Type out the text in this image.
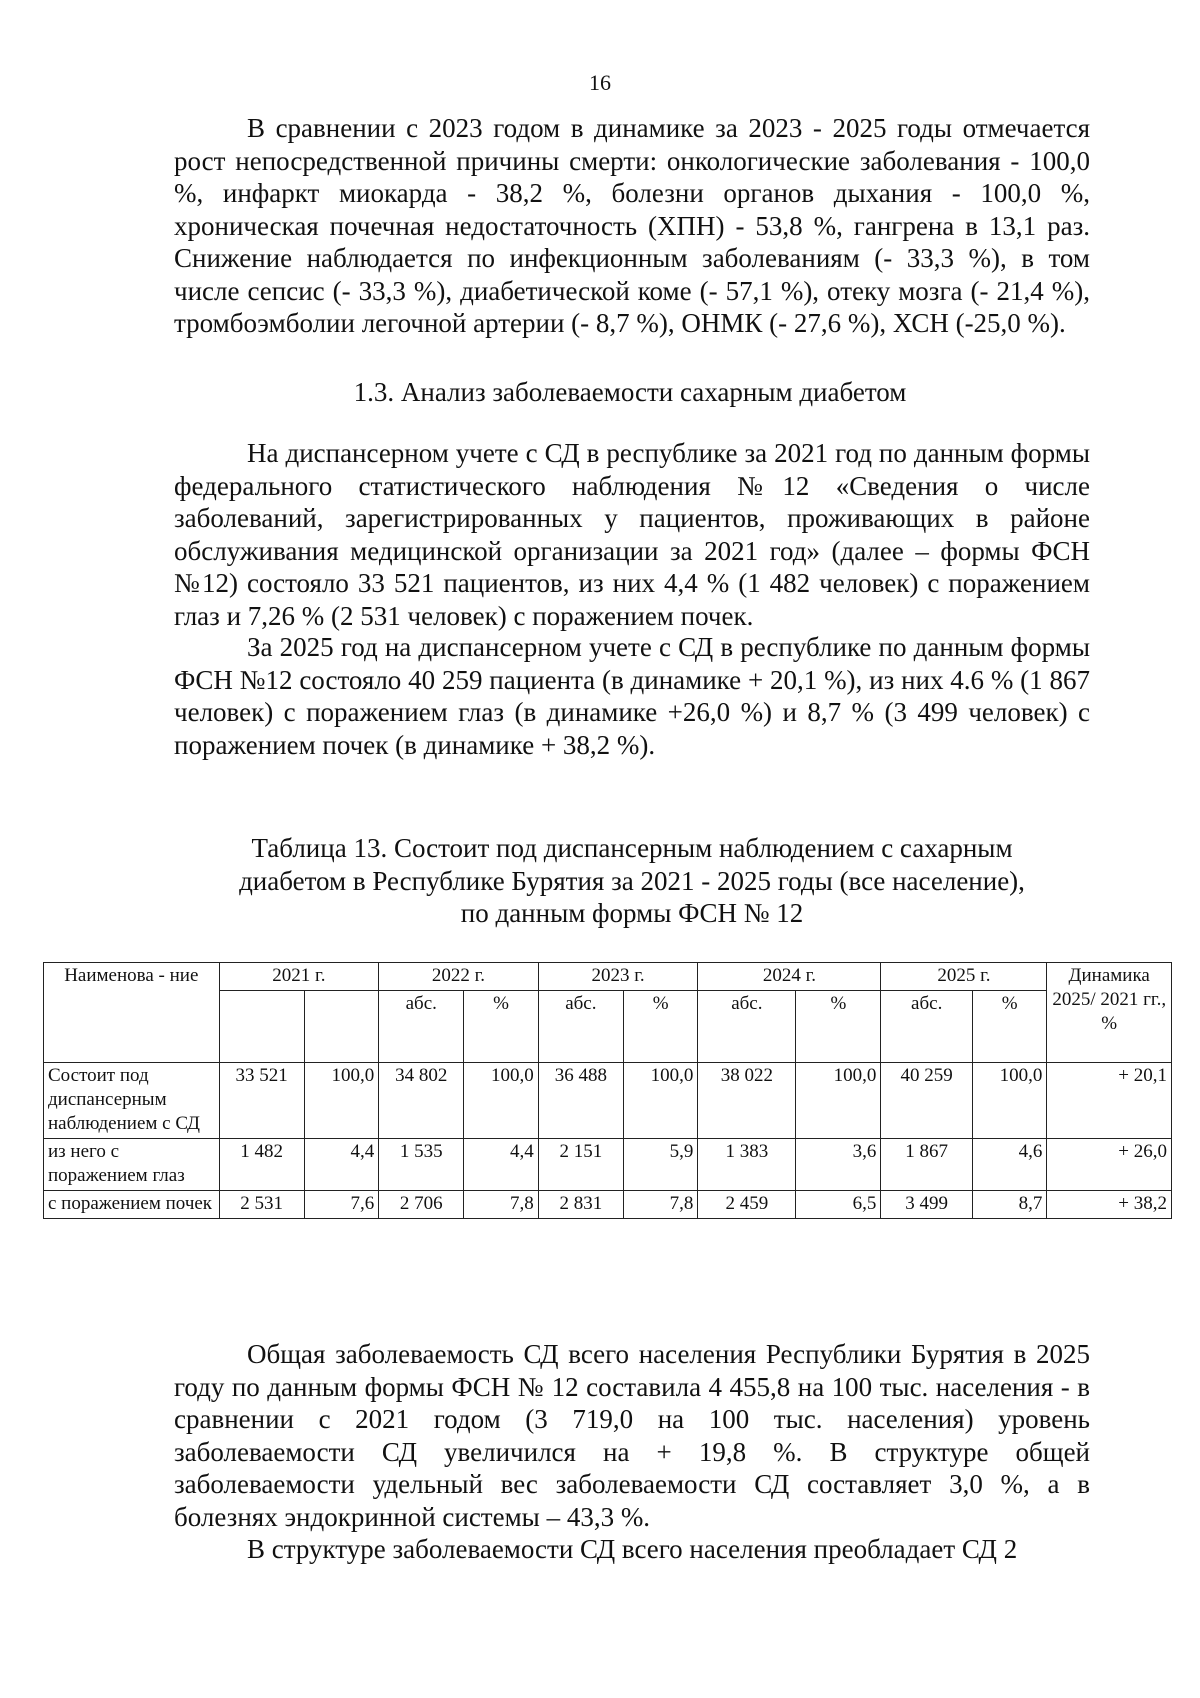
16

В сравнении с 2023 годом в динамике за 2023 - 2025 годы отмечается рост непосредственной причины смерти: онкологические заболевания - 100,0 %, инфаркт миокарда - 38,2 %, болезни органов дыхания - 100,0 %, хроническая почечная недостаточность (ХПН) - 53,8 %, гангрена в 13,1 раз. Снижение наблюдается по инфекционным заболеваниям (- 33,3 %), в том числе сепсис (- 33,3 %), диабетической коме (- 57,1 %), отеку мозга (- 21,4 %), тромбоэмболии легочной артерии (- 8,7 %), ОНМК (- 27,6 %), ХСН (-25,0 %).

1.3. Анализ заболеваемости сахарным диабетом

На диспансерном учете с СД в республике за 2021 год по данным формы федерального статистического наблюдения №12 «Сведения о числе заболеваний, зарегистрированных у пациентов, проживающих в районе обслуживания медицинской организации за 2021 год» (далее – формы ФСН №12) состояло 33 521 пациентов, из них 4,4 % (1 482 человек) с поражением глаз и 7,26 % (2 531 человек) с поражением почек.

За 2025 год на диспансерном учете с СД в республике по данным формы ФСН №12 состояло 40 259 пациента (в динамике + 20,1 %), из них 4.6 % (1 867 человек) с поражением глаз (в динамике +26,0 %) и 8,7 % (3 499 человек) с поражением почек (в динамике + 38,2 %).

Таблица 13. Состоит под диспансерным наблюдением с сахарным
диабетом в Республике Бурятия за 2021 - 2025 годы (все население),
по данным формы ФСН № 12
Наименова - ние	2021 г.		2022 г.		2023 г.		2024 г.		2025 г.		Динамика 2025/ 2021 гг., %
			абс.	%	абс.	%	абс.	%	абс.	%	
Состоит под диспансерным наблюдением с СД	33 521	100,0	34 802	100,0	36 488	100,0	38 022	100,0	40 259	100,0	+ 20,1
из него с поражением глаз	1 482	4,4	1 535	4,4	2 151	5,9	1 383	3,6	1 867	4,6	+ 26,0
с поражением почек	2 531	7,6	2 706	7,8	2 831	7,8	2 459	6,5	3 499	8,7	+ 38,2

Общая заболеваемость СД всего населения Республики Бурятия в 2025 году по данным формы ФСН № 12 составила 4 455,8 на 100 тыс. населения - в сравнении с 2021 годом (3 719,0 на 100 тыс. населения) уровень заболеваемости СД увеличился на + 19,8 %. В структуре общей заболеваемости удельный вес заболеваемости СД составляет 3,0 %, а в болезнях эндокринной системы – 43,3 %.

В структуре заболеваемости СД всего населения преобладает СД 2
